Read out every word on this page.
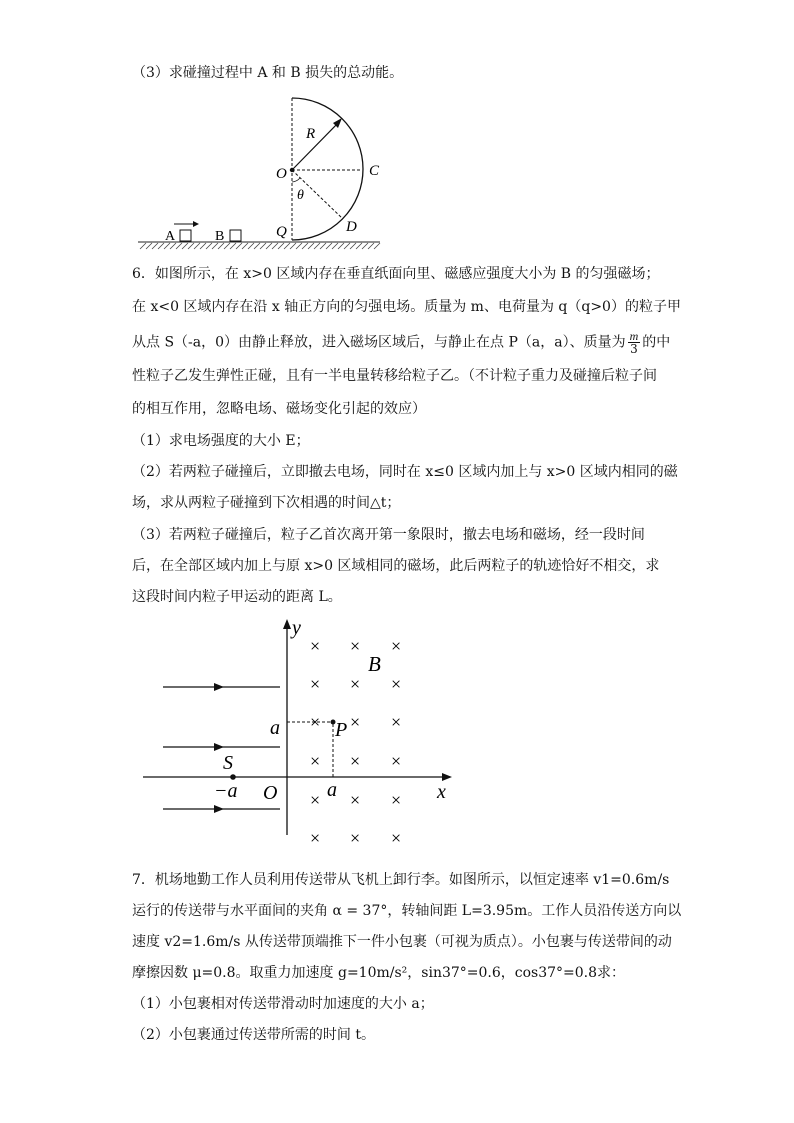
（3）求碰撞过程中 A 和 B 损失的总动能。
R
O	C
θ
D
Q
A	B
6．如图所示，在 x>0 区域内存在垂直纸面向里、磁感应强度大小为 B 的匀强磁场；
在 x<0 区域内存在沿 x 轴正方向的匀强电场。质量为 m、电荷量为 q（q>0）的粒子甲
从点 S（-a，0）由静止释放，进入磁场区域后，与静止在点 P（a，a）、质量为 $\frac{m}{3}$ 的中
性粒子乙发生弹性正碰，且有一半电量转移给粒子乙。（不计粒子重力及碰撞后粒子间
的相互作用，忽略电场、磁场变化引起的效应）
（1）求电场强度的大小 E；
（2）若两粒子碰撞后，立即撤去电场，同时在 x≤0 区域内加上与 x>0 区域内相同的磁
场，求从两粒子碰撞到下次相遇的时间△t；
（3）若两粒子碰撞后，粒子乙首次离开第一象限时，撤去电场和磁场，经一段时间
后，在全部区域内加上与原 x>0 区域相同的磁场，此后两粒子的轨迹恰好不相交，求
这段时间内粒子甲运动的距离 L。
× × ×
× × ×
× × ×
× × ×
× × ×
× × ×
y
x
B
a	P
S
−a O a
7．机场地勤工作人员利用传送带从飞机上卸行李。如图所示，以恒定速率 v1=0.6m/s
运行的传送带与水平面间的夹角 α = 37°，转轴间距 L=3.95m。工作人员沿传送方向以
速度 v2=1.6m/s 从传送带顶端推下一件小包裹（可视为质点）。小包裹与传送带间的动
摩擦因数 μ=0.8。取重力加速度 g=10m/s²，sin37°=0.6，cos37°=0.8求：
（1）小包裹相对传送带滑动时加速度的大小 a；
（2）小包裹通过传送带所需的时间 t。
